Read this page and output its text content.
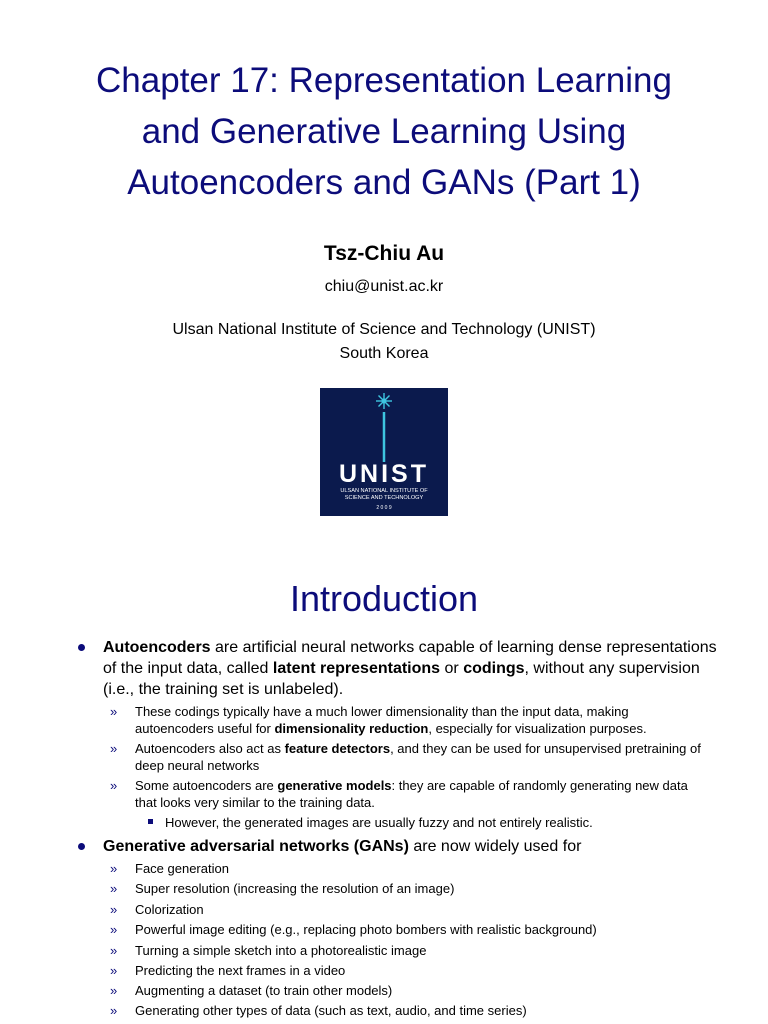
Chapter 17: Representation Learning
and Generative Learning Using
Autoencoders and GANs (Part 1)
Tsz-Chiu Au
chiu@unist.ac.kr
Ulsan National Institute of Science and Technology (UNIST)
South Korea
UNIST
ULSAN NATIONAL INSTITUTE OF
SCIENCE AND TECHNOLOGY
2 0 0 9
Introduction
Autoencoders are artificial neural networks capable of learning dense representations of the input data, called latent representations or codings, without any supervision (i.e., the training set is unlabeled).
» These codings typically have a much lower dimensionality than the input data, making autoencoders useful for dimensionality reduction, especially for visualization purposes.
» Autoencoders also act as feature detectors, and they can be used for unsupervised pretraining of deep neural networks
» Some autoencoders are generative models: they are capable of randomly generating new data that looks very similar to the training data.
However, the generated images are usually fuzzy and not entirely realistic.
Generative adversarial networks (GANs) are now widely used for
» Face generation
» Super resolution (increasing the resolution of an image)
» Colorization
» Powerful image editing (e.g., replacing photo bombers with realistic background)
» Turning a simple sketch into a photorealistic image
» Predicting the next frames in a video
» Augmenting a dataset (to train other models)
» Generating other types of data (such as text, audio, and time series)
